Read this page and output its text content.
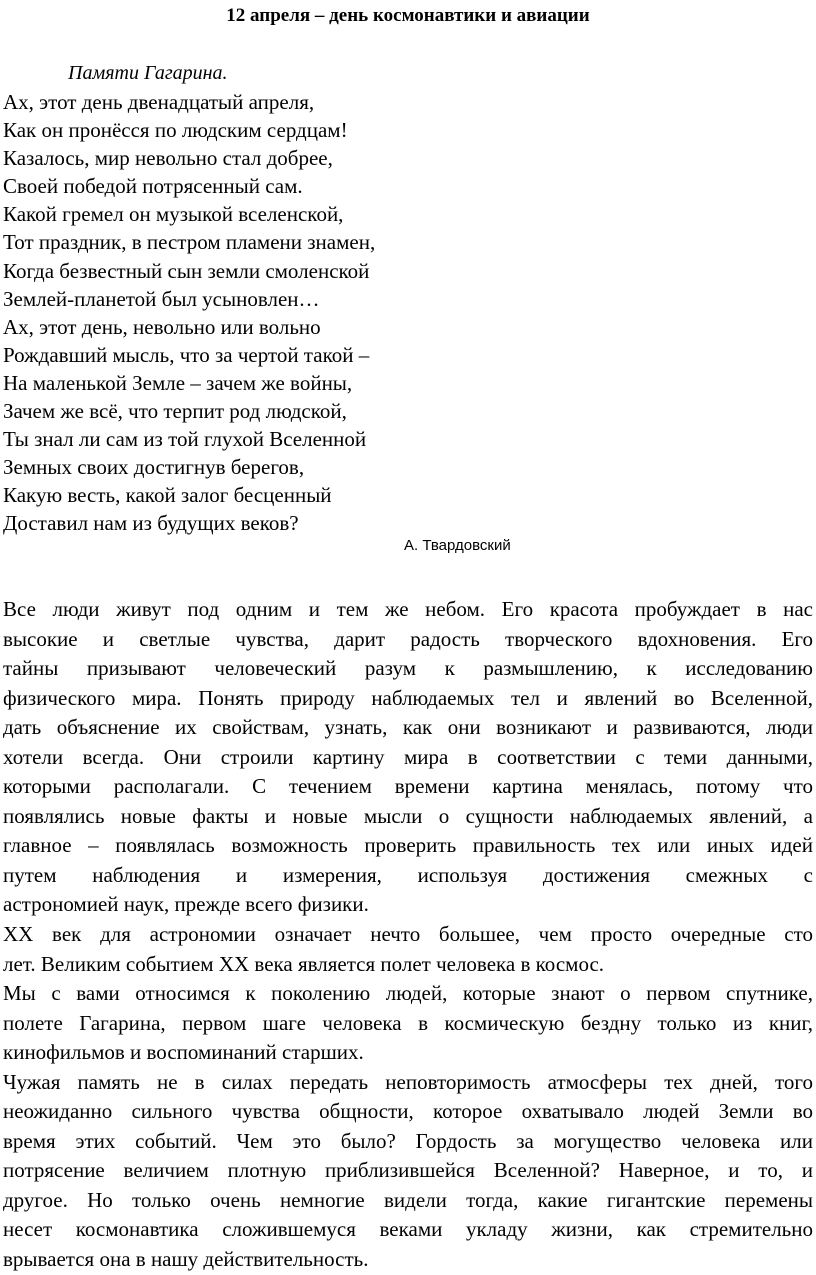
12 апреля – день космонавтики и авиации
Памяти Гагарина.
Ах, этот день двенадцатый апреля,
Как он пронёсся по людским сердцам!
Казалось, мир невольно стал добрее,
Своей победой потрясенный сам.
Какой гремел он музыкой вселенской,
Тот праздник, в пестром пламени знамен,
Когда безвестный сын земли смоленской
Землей-планетой был усыновлен…
Ах, этот день, невольно или вольно
Рождавший мысль, что за чертой такой –
На маленькой Земле – зачем же войны,
Зачем же всё, что терпит род людской,
Ты знал ли сам из той глухой Вселенной
Земных своих достигнув берегов,
Какую весть, какой залог бесценный
Доставил нам из будущих веков?
А. Твардовский
Все люди живут под одним и тем же небом. Его красота пробуждает в нас
высокие и светлые чувства, дарит радость творческого вдохновения. Его
тайны призывают человеческий разум к размышлению, к исследованию
физического мира. Понять природу наблюдаемых тел и явлений во Вселенной,
дать объяснение их свойствам, узнать, как они возникают и развиваются, люди
хотели всегда. Они строили картину мира в соответствии с теми данными,
которыми располагали. С течением времени картина менялась, потому что
появлялись новые факты и новые мысли о сущности наблюдаемых явлений, а
главное – появлялась возможность проверить правильность тех или иных идей
путем наблюдения и измерения, используя достижения смежных с
астрономией наук, прежде всего физики.
XX век для астрономии означает нечто большее, чем просто очередные сто
лет. Великим событием XX века является полет человека в космос.
Мы с вами относимся к поколению людей, которые знают о первом спутнике,
полете Гагарина, первом шаге человека в космическую бездну только из книг,
кинофильмов и воспоминаний старших.
Чужая память не в силах передать неповторимость атмосферы тех дней, того
неожиданно сильного чувства общности, которое охватывало людей Земли во
время этих событий. Чем это было? Гордость за могущество человека или
потрясение величием плотную приблизившейся Вселенной? Наверное, и то, и
другое. Но только очень немногие видели тогда, какие гигантские перемены
несет космонавтика сложившемуся веками укладу жизни, как стремительно
врывается она в нашу действительность.
